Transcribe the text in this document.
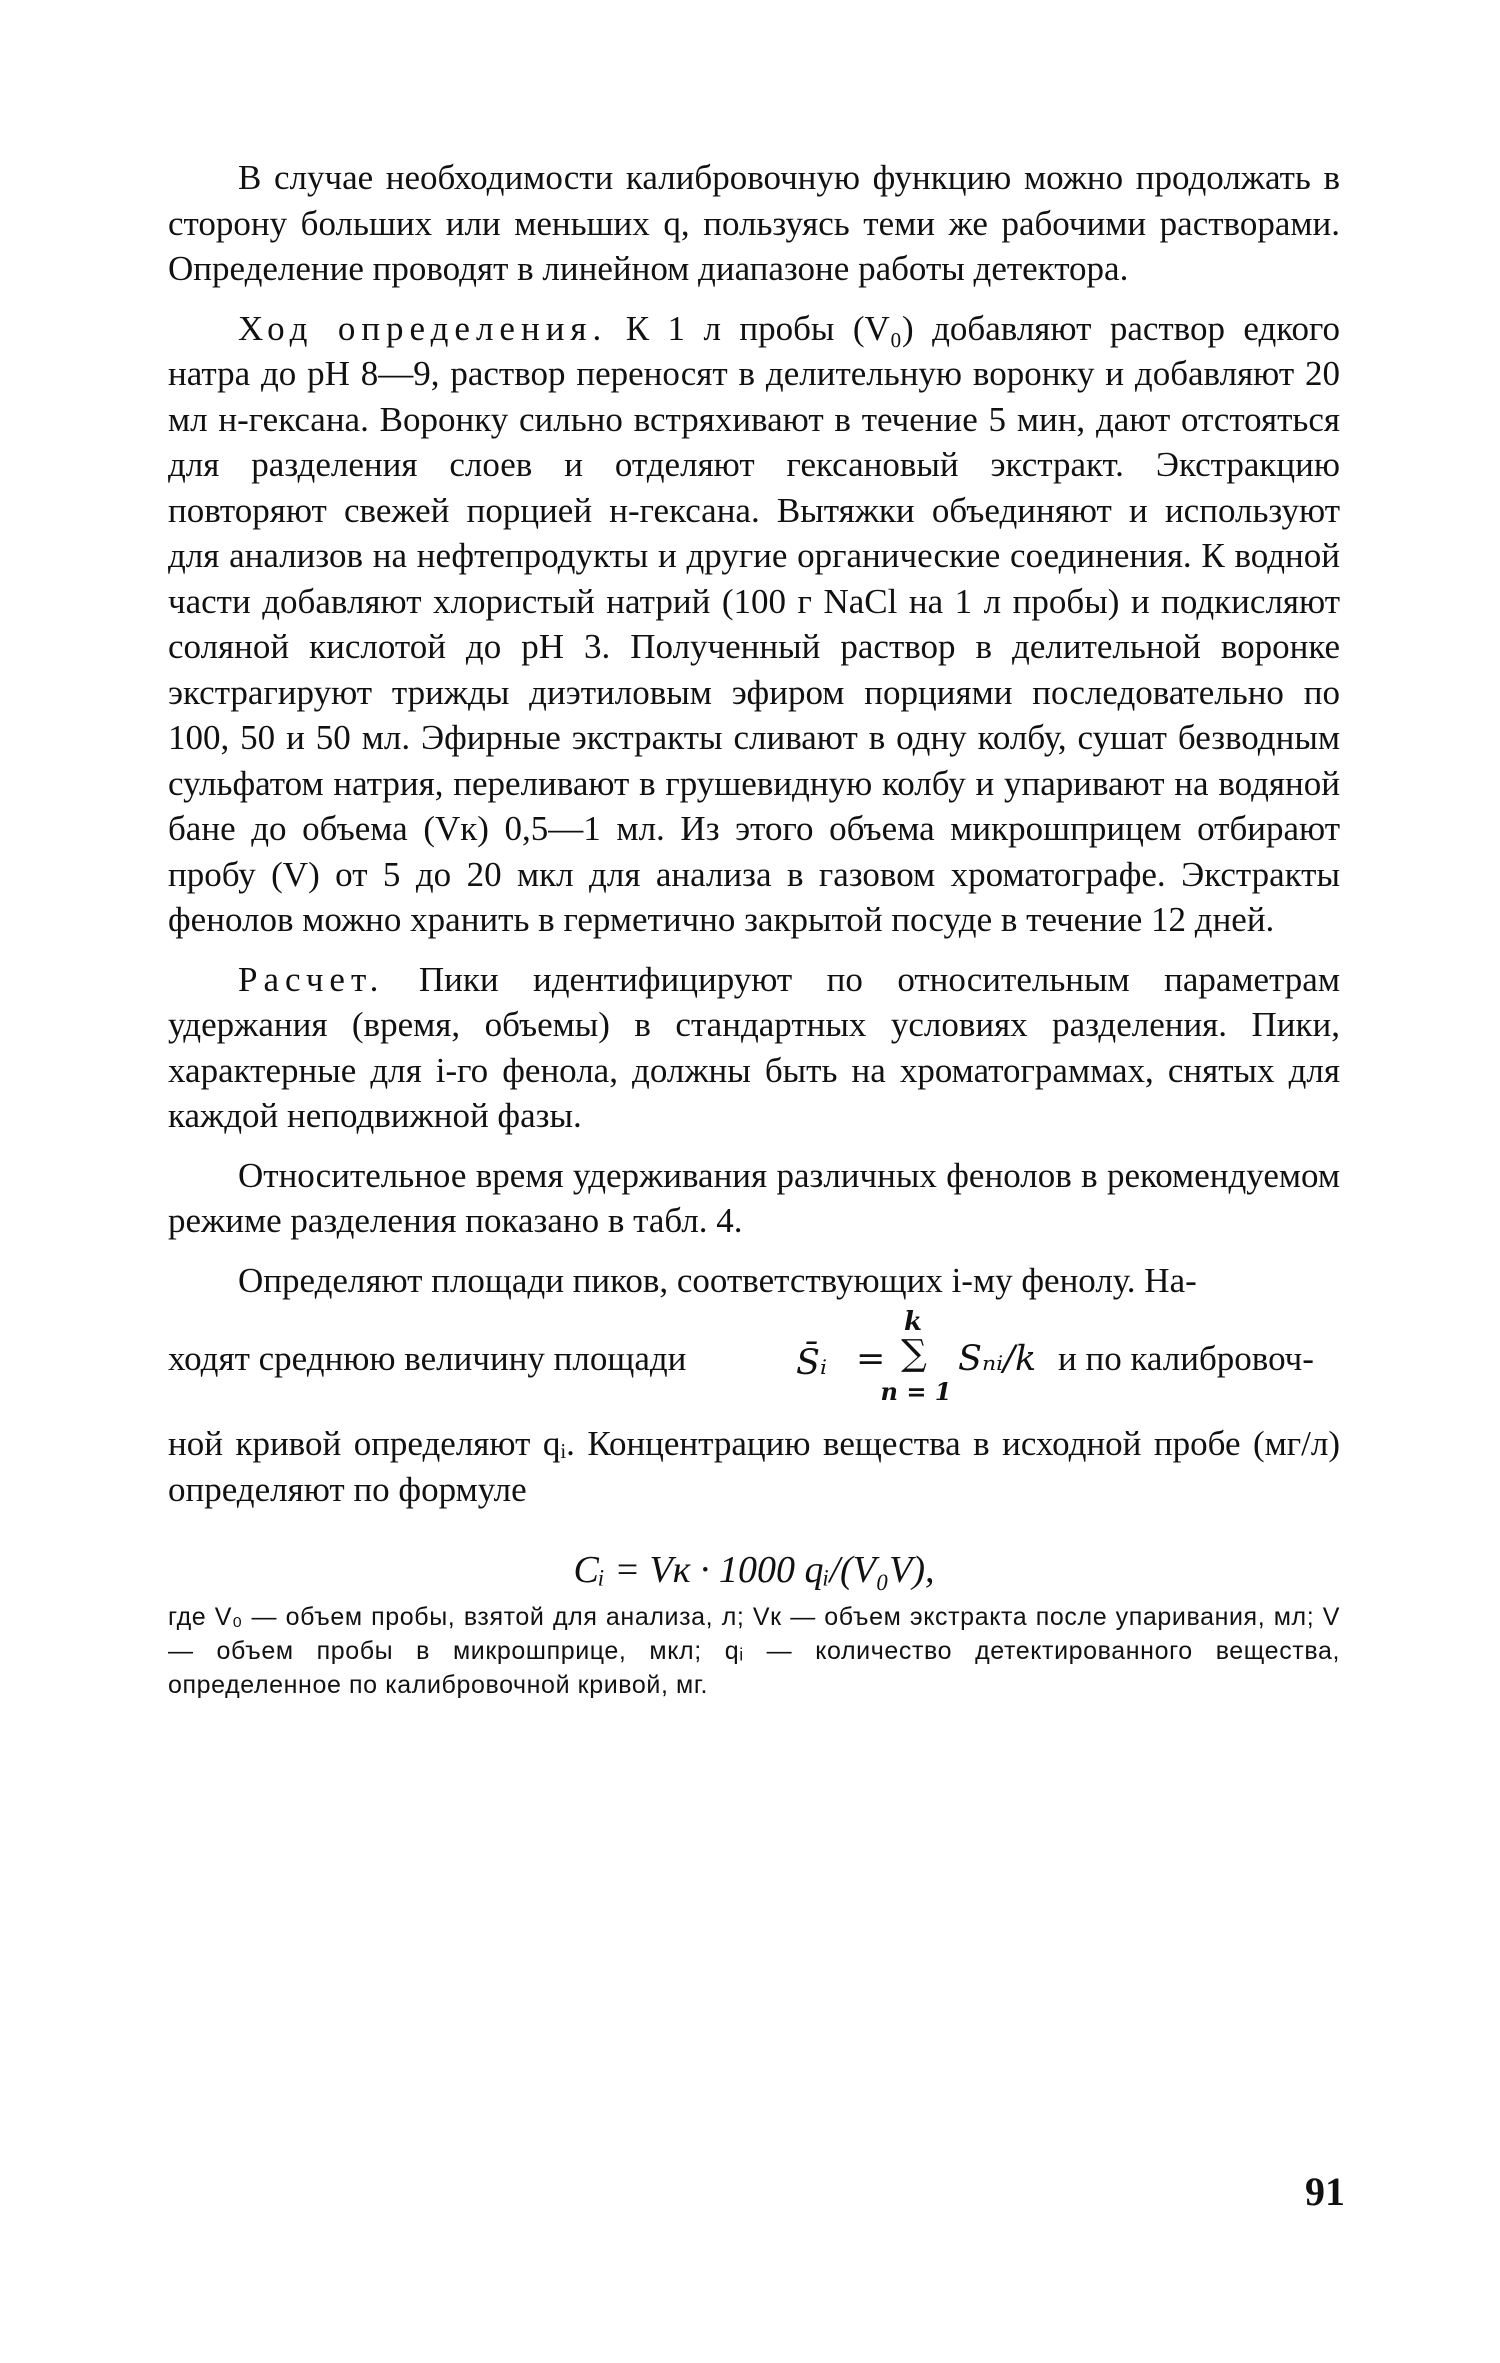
В случае необходимости калибровочную функцию можно продолжать в сторону больших или меньших q, пользуясь теми же рабочими растворами. Определение проводят в линейном диапазоне работы детектора.

Ход определения. К 1 л пробы (V₀) добавляют раствор едкого натра до pH 8—9, раствор переносят в делительную воронку и добавляют 20 мл н-гексана. Воронку сильно встряхивают в течение 5 мин, дают отстояться для разделения слоев и отделяют гексановый экстракт. Экстракцию повторяют свежей порцией н-гексана. Вытяжки объединяют и используют для анализов на нефтепродукты и другие органические соединения. К водной части добавляют хлористый натрий (100 г NaCl на 1 л пробы) и подкисляют соляной кислотой до pH 3. Полученный раствор в делительной воронке экстрагируют трижды диэтиловым эфиром порциями последовательно по 100, 50 и 50 мл. Эфирные экстракты сливают в одну колбу, сушат безводным сульфатом натрия, переливают в грушевидную колбу и упаривают на водяной бане до объема (Vк) 0,5—1 мл. Из этого объема микрошприцем отбирают пробу (V) от 5 до 20 мкл для анализа в газовом хроматографе. Экстракты фенолов можно хранить в герметично закрытой посуде в течение 12 дней.

Расчет. Пики идентифицируют по относительным параметрам удержания (время, объемы) в стандартных условиях разделения. Пики, характерные для i-го фенола, должны быть на хроматограммах, снятых для каждой неподвижной фазы.

Относительное время удерживания различных фенолов в рекомендуемом режиме разделения показано в табл. 4.

Определяют площади пиков, соответствующих i-му фенолу. На-

ходят среднюю величину площади	S̄ᵢ =
k
∑
n = 1
Sₙᵢ/k и по калибровоч-

ной кривой определяют qᵢ. Концентрацию вещества в исходной пробе (мг/л) определяют по формуле

Cᵢ = Vк · 1000 qᵢ/(V₀V),
где V₀ — объем пробы, взятой для анализа, л; Vк — объем экстракта после упаривания, мл; V — объем пробы в микрошприце, мкл; qᵢ — количество детектированного вещества, определенное по калибровочной кривой, мг.
91
